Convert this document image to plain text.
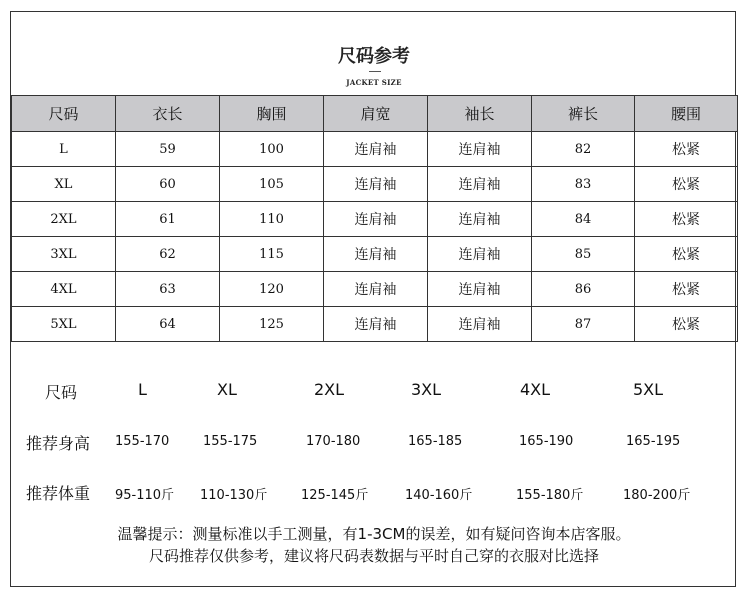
尺码参考
JACKET SIZE
尺码	衣长	胸围	肩宽	袖长	裤长	腰围
L	59	100	连肩袖	连肩袖	82	松紧
XL	60	105	连肩袖	连肩袖	83	松紧
2XL	61	110	连肩袖	连肩袖	84	松紧
3XL	62	115	连肩袖	连肩袖	85	松紧
4XL	63	120	连肩袖	连肩袖	86	松紧
5XL	64	125	连肩袖	连肩袖	87	松紧
尺码	L	XL	2XL	3XL	4XL	5XL
推荐身高 155-170	155-175	170-180	165-185	165-190	165-195
推荐体重 95-110斤 110-130斤	125-145斤	140-160斤	155-180斤	180-200斤
温馨提示：测量标准以手工测量，有1-3CM的误差，如有疑问咨询本店客服。
尺码推荐仅供参考，建议将尺码表数据与平时自己穿的衣服对比选择
